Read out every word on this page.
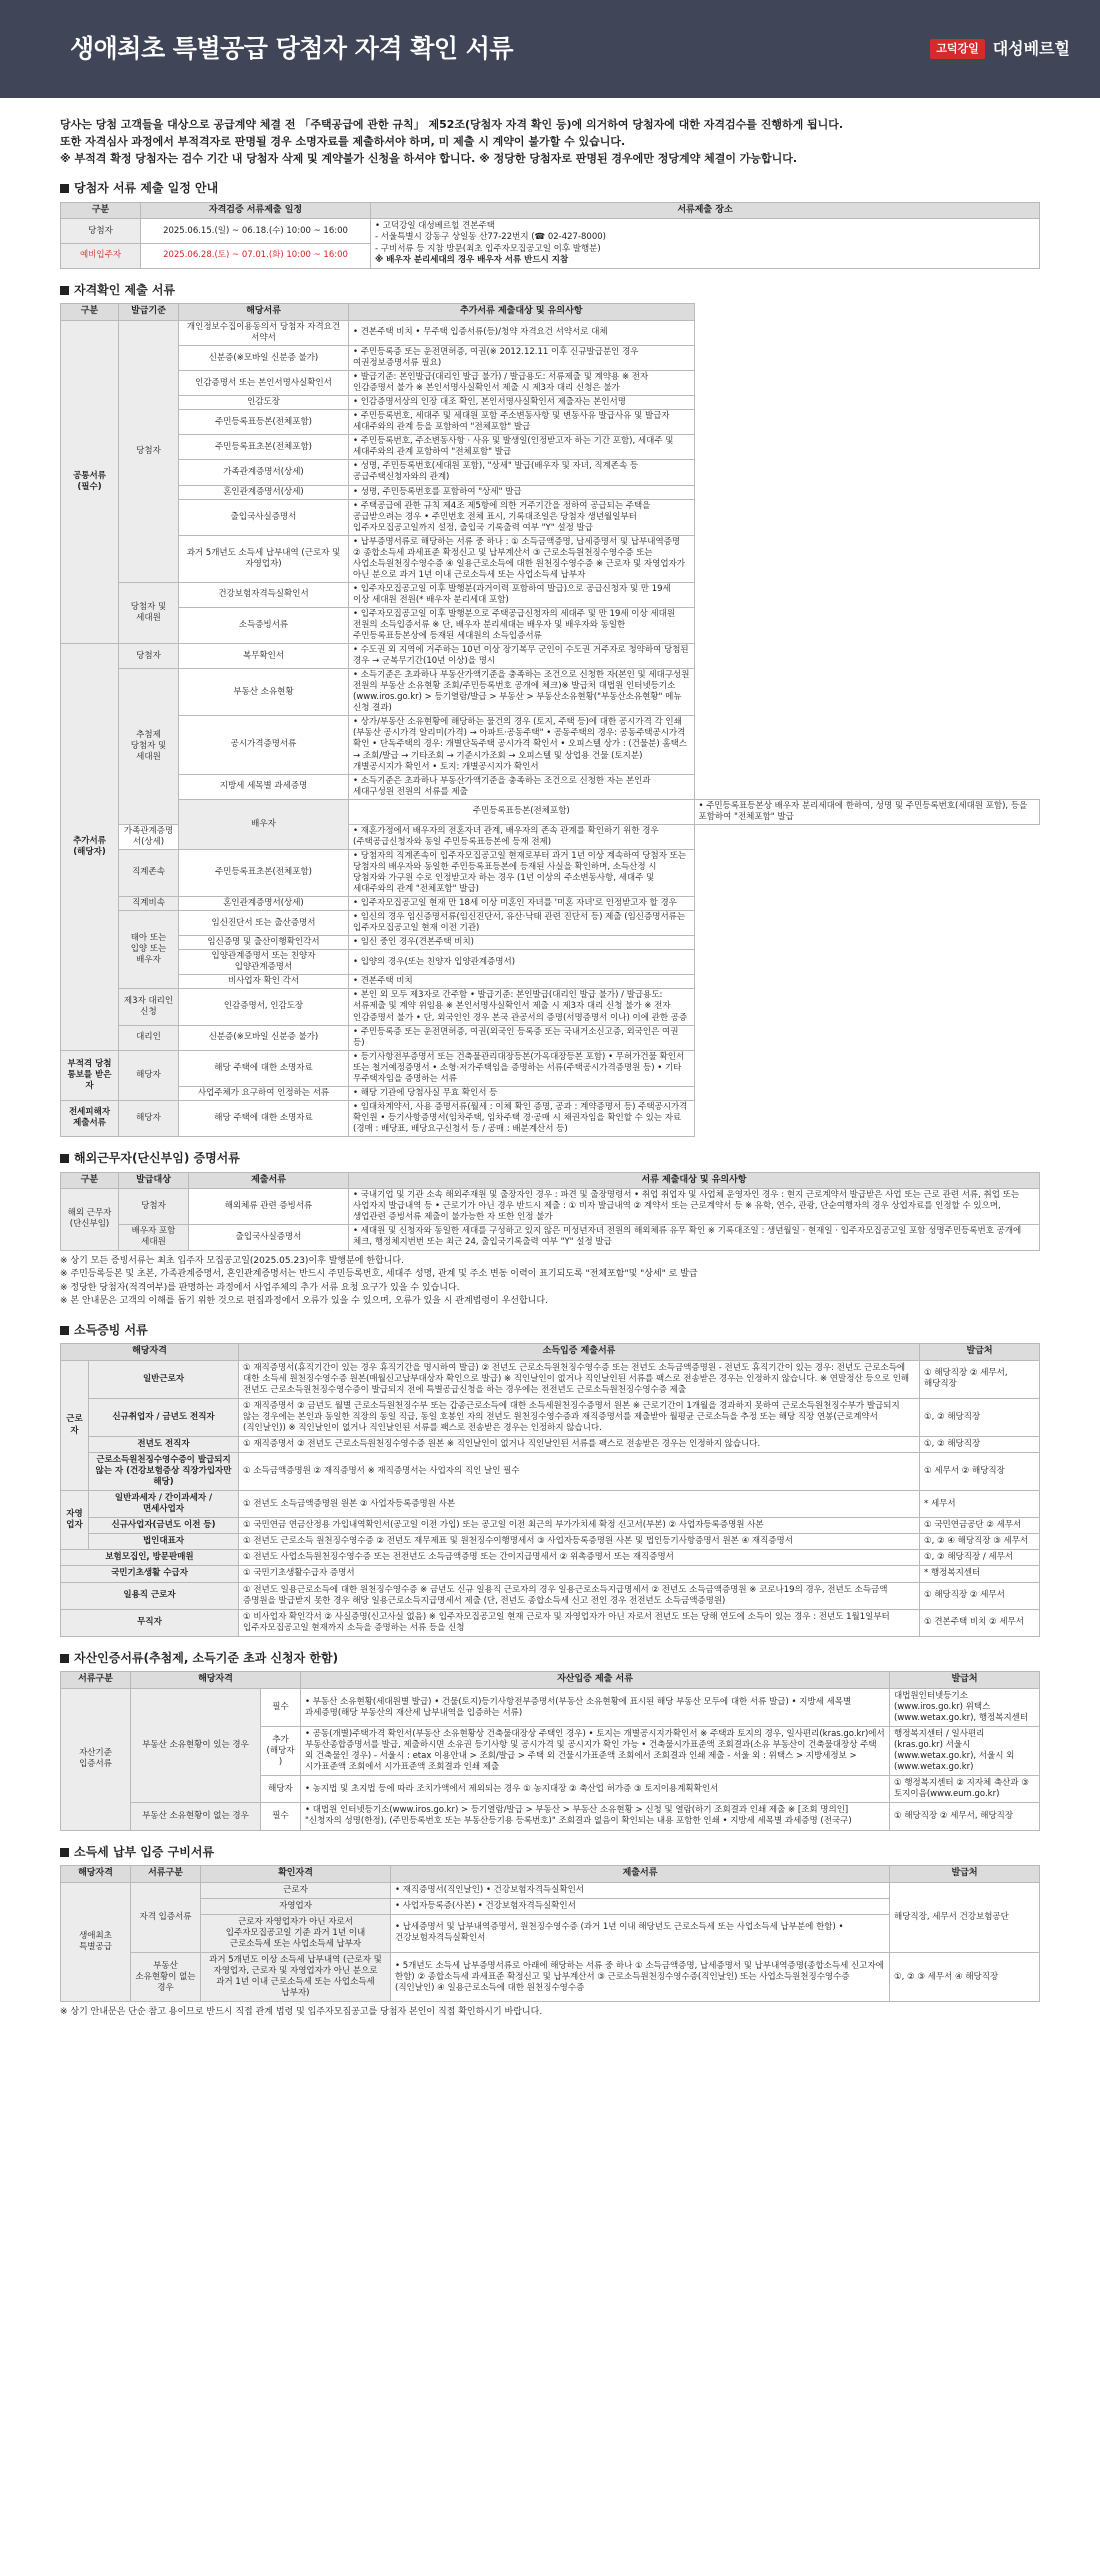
생애최초 특별공급 당첨자 자격 확인 서류	고덕강일 대성베르힐

당사는 당첨 고객들을 대상으로 공급계약 체결 전 「주택공급에 관한 규칙」 제52조(당첨자 자격 확인 등)에 의거하여 당첨자에 대한 자격검수를 진행하게 됩니다.

또한 자격심사 과정에서 부적격자로 판명될 경우 소명자료를 제출하셔야 하며, 미 제출 시 계약이 불가할 수 있습니다.

※ 부적격 확정 당첨자는 검수 기간 내 당첨자 삭제 및 계약불가 신청을 하셔야 합니다. ※ 정당한 당첨자로 판명된 경우에만 정당계약 체결이 가능합니다.

당첨자 서류 제출 일정 안내
구분	자격검증 서류제출 일정	서류제출 장소
당첨자	2025.06.15.(일) ~ 06.18.(수) 10:00 ~ 16:00	• 고덕강일 대성베르힐 견본주택
- 서울특별시 강동구 상일동 산77-22번지 (☎ 02-427-8000)
- 구비서류 등 지참 방문(최초 입주자모집공고일 이후 발행분)
※ 배우자 분리세대의 경우 배우자 서류 반드시 지참

예비입주자	2025.06.28.(토) ~ 07.01.(화) 10:00 ~ 16:00	
자격확인 제출 서류
구분	발급기준	해당서류	추가서류 제출대상 및 유의사항	
공통서류 (필수)	당첨자	개인정보수집이용동의서 당첨자 자격요건 서약서	• 견본주택 비치 • 무주택 입증서류(등)/청약 자격요건 서약서로 대체	
		신분증(※모바일 신분증 불가)	• 주민등록증 또는 운전면허증, 여권(※ 2012.12.11 이후 신규발급분인 경우 여권정보증명서류 필요)	
		인감증명서 또는 본인서명사실확인서	• 발급기준: 본인발급(대리인 발급 불가) / 발급용도: 서류제출 및 계약용 ※ 전자 인감증명서 불가 ※ 본인서명사실확인서 제출 시 제3자 대리 신청은 불가	
		인감도장	• 인감증명서상의 인장 대조 확인, 본인서명사실확인서 제출자는 본인서명	
		주민등록표등본(전체포함)	• 주민등록번호, 세대주 및 세대원 포함 주소변동사항 및 변동사유 발급사유 및 발급자 세대주와의 관계 등을 포함하여 "전체포함" 발급	
		주민등록표초본(전체포함)	• 주민등록번호, 주소변동사항 · 사유 및 발생일(인정받고자 하는 기간 포함), 세대주 및 세대주와의 관계 포함하여 "전체포함" 발급	
		가족관계증명서(상세)	• 성명, 주민등록번호(세대원 포함), "상세" 발급(배우자 및 자녀, 직계존속 등 공급주택신청자와의 관계)	
		혼인관계증명서(상세)	• 성명, 주민등록번호를 포함하여 "상세" 발급	
		출입국사실증명서	• 주택공급에 관한 규칙 제4조 제5항에 의한 거주기간을 정하여 공급되는 주택을 공급받으려는 경우 • 주민번호 전체 표시, 기록대조일은 당첨자 생년월일부터 입주자모집공고일까지 설정, 출입국 기록출력 여부 "Y" 설정 발급	
		과거 5개년도 소득세 납부내역 (근로자 및 자영업자)	• 납부증명서류로 해당하는 서류 중 하나 : ① 소득금액증명, 납세증명서 및 납부내역증명 ② 종합소득세 과세표준 확정신고 및 납부계산서 ③ 근로소득원천징수영수증 또는 사업소득원천징수영수증 ④ 일용근로소득에 대한 원천징수영수증 ※ 근로자 및 자영업자가 아닌 분으로 과거 1년 이내 근로소득세 또는 사업소득세 납부자	
	당첨자 및 세대원	건강보험자격득실확인서	• 입주자모집공고일 이후 발행분(과거이력 포함하여 발급)으로 공급신청자 및 만 19세 이상 세대원 전원(* 배우자 분리세대 포함)	
		소득증빙서류	• 입주자모집공고일 이후 발행분으로 주택공급신청자의 세대주 및 만 19세 이상 세대원 전원의 소득입증서류 ※ 단, 배우자 분리세대는 배우자 및 배우자와 동일한 주민등록표등본상에 등재된 세대원의 소득입증서류	
추가서류 (해당자)	당첨자	복무확인서	• 수도권 외 지역에 거주하는 10년 이상 장기복무 군인이 수도권 거주자로 청약하여 당첨된 경우 → 군복무기간(10년 이상)을 명시	
	추첨제 당첨자 및 세대원	부동산 소유현황	• 소득기준은 초과하나 부동산가액기준을 충족하는 조건으로 신청한 자(본인 및 세대구성원 전원의 부동산 소유현황 조회/주민등록번호 공개에 체크)※ 발급처 대법원 인터넷등기소(www.iros.go.kr) > 등기열람/발급 > 부동산 > 부동산소유현황("부동산소유현황" 메뉴 신청 결과)	
		공시가격증명서류	• 상가/부동산 소유현황에 해당하는 물건의 경우 (토지, 주택 등)에 대한 공시가격 각 인쇄 (부동산 공시가격 알리미(가격) → 아파트·공동주택" • 공동주택의 경우: 공동주택공시가격 확인 • 단독주택의 경우: 개별단독주택 공시가격 확인서 • 오피스텔 상가 : (건물분) 홈택스 → 조회/발급 → 기타조회 → 기준시가조회 → 오피스텔 및 상업용 건물 (토지분) 개별공시지가 확인서 • 토지: 개별공시지가 확인서	
		지방세 세목별 과세증명	• 소득기준은 초과하나 부동산가액기준을 충족하는 조건으로 신청한 자는 본인과 세대구성원 전원의 서류를 제출	
		배우자	주민등록표등본(전체포함)	• 주민등록표등본상 배우자 분리세대에 한하여, 성명 및 주민등록번호(세대원 포함), 등을 포함하여 "전체포함" 발급
	가족관계증명서(상세)		• 재혼가정에서 배우자의 전혼자녀 관계, 배우자의 존속 관계를 확인하기 위한 경우(주택공급신청자와 동일 주민등록표등본에 등재 전제)	
	직계존속	주민등록표초본(전체포함)	• 당첨자의 직계존속이 입주자모집공고일 현재로부터 과거 1년 이상 계속하여 당첨자 또는 당첨자의 배우자와 동일한 주민등록표등본에 등재된 사실을 확인하며, 소득산정 시 당첨자와 가구원 수로 인정받고자 하는 경우 (1년 이상의 주소변동사항, 세대주 및 세대주와의 관계 "전체포함" 발급)	
	직계비속	혼인관계증명서(상세)	• 입주자모집공고일 현재 만 18세 이상 미혼인 자녀를 '미혼 자녀'로 인정받고자 할 경우	
	태아 또는 입양 또는 배우자	임신진단서 또는 출산증명서	• 임신의 경우 임신증명서류(임신진단서, 유산·낙태 관련 진단서 등) 제출 (임신증명서류는 입주자모집공고일 현재 이전 기관)	
		임신증명 및 출산이행확인각서	• 임신 중인 경우(견본주택 비치)	
		입양관계증명서 또는 친양자 입양관계증명서	• 입양의 경우(또는 친양자 입양관계증명서)	
		비사업자 확인 각서	• 견본주택 비치	
	제3자 대리인 신청	인감증명서, 인감도장	• 본인 외 모두 제3자로 간주함 • 발급기준: 본인발급(대리인 발급 불가) / 발급용도: 서류제출 및 계약 위임용 ※ 본인서명사실확인서 제출 시 제3자 대리 신청 불가 ※ 전자 인감증명서 불가 • 단, 외국인인 경우 본국 관공서의 증명(서명증명서 이나) 이에 관한 공증	
	대리인	신분증(※모바일 신분증 불가)	• 주민등록증 또는 운전면허증, 여권(외국인 등록증 또는 국내거소신고증, 외국인은 여권 등)	
부적격 당첨 통보를 받은 자	해당자	해당 주택에 대한 소명자료	• 등기사항전부증명서 또는 건축물관리대장등본(가옥대장등본 포함) • 무허가건물 확인서 또는 철거예정증명서 • 소형·저가주택임을 증명하는 서류(주택공시가격증명원 등) • 기타 무주택자임을 증명하는 서류	
		사업주체가 요구하여 인정하는 서류	• 해당 기관에 당첨사실 무효 확인서 등	
전세피해자 제출서류	해당자	해당 주택에 대한 소명자료	• 임대차계약서, 사용 증명서류(월세 : 이체 확인 증명, 공과 : 계약증명서 등) 주택공시가격 확인원 • 등기사항증명서(임차주택, 임차주택 경·공매 시 채권자임을 확인할 수 있는 자료 (경매 : 배당표, 배당요구신청서 등 / 공매 : 배분계산서 등)	
해외근무자(단신부임) 증명서류
구분	발급대상	제출서류	서류 제출대상 및 유의사항
해외 근무자 (단신부임)	당첨자	해외체류 관련 증빙서류	• 국내기업 및 기관 소속 해외주재원 및 출장자인 경우 : 파견 및 출장명령서 • 취업 취업자 및 사업체 운영자인 경우 : 현지 근로계약서 발급받은 사업 또는 근로 관련 서류, 취업 또는 사업자지 발급내역 등 • 근로기가 아닌 경우 반드시 제출 : ① 비자 발급내역 ② 계약서 또는 근로계약서 등 ※ 유학, 연수, 관광, 단순여행자의 경우 상업자료를 인정할 수 있으며, 생업관련 증빙서류 제출이 불가능한 자 또한 인정 불가
	배우자 포함 세대원	출입국사실증명서	• 세대원 및 신청자와 동일한 세대를 구성하고 있지 않은 미성년자녀 전원의 해외체류 유무 확인 ※ 기록대조일 : 생년월일 · 현재일 · 입주자모집공고일 포함 성명주민등록번호 공개에 체크, 행정체지번번 또는 최근 24, 출입국기록출력 여부 "Y" 설정 발급

※ 상기 모든 증빙서류는 최초 입주자 모집공고일(2025.05.23)이후 발행분에 한합니다.

※ 주민등록등본 및 초본, 가족관계증명서, 혼인관계증명서는 반드시 주민등록번호, 세대주 성명, 관계 및 주소 변동 이력이 표기되도록 "전체포함"및 "상세" 로 발급

※ 정당한 당첨자(적격여부)를 판명하는 과정에서 사업주체의 추가 서류 요청 요구가 있을 수 있습니다.

※ 본 안내문은 고객의 이해를 돕기 위한 것으로 편집과정에서 오류가 있을 수 있으며, 오류가 있을 시 관계법령이 우선합니다.

소득증빙 서류
해당자격		소득입증 제출서류	발급처
근로자	일반근로자	① 재직증명서(휴직기간이 있는 경우 휴직기간을 명시하여 발급) ② 전년도 근로소득원천징수영수증 또는 전년도 소득금액증명원 - 전년도 휴직기간이 있는 경우: 전년도 근로소득에 대한 소득세 원천징수영수증 원본(매월신고납부대상자 확인으로 발급) ※ 직인날인이 없거나 직인날인된 서류를 팩스로 전송받은 경우는 인정하지 않습니다. ※ 연말정산 등으로 인해 전년도 근로소득원천징수영수증이 발급되지 전에 특별공급신청을 하는 경우에는 전전년도 근로소득원천징수영수증 제출	① 해당직장 ② 세무서, 해당직장
	신규취업자 / 금년도 전직자	① 재직증명서 ② 금년도 월별 근로소득원천징수부 또는 갑종근로소득에 대한 소득세원천징수증명서 원본 ※ 근로기간이 1개월을 경과하지 못하여 근로소득원천징수부가 발급되지 않는 경우에는 본인과 동일한 직장의 동일 직급, 동일 호봉인 자의 전년도 원천징수영수증과 재직증명서를 제출받아 월평균 근로소득을 추정 또는 해당 직장 연봉(근로계약서(직인날인)) ※ 직인날인이 없거나 직인날인된 서류를 팩스로 전송받은 경우는 인정하지 않습니다.	①, ② 해당직장
	전년도 전직자	① 재직증명서 ② 전년도 근로소득원천징수영수증 원본 ※ 직인날인이 없거나 직인날인된 서류를 팩스로 전송받은 경우는 인정하지 않습니다.	①, ② 해당직장
	근로소득원천징수영수증이 발급되지 않는 자 (건강보험증상 직장가입자만 해당)	① 소득금액증명원 ② 재직증명서 ※ 재직증명서는 사업자의 직인 날인 필수	① 세무서 ② 해당직장
자영업자	일반과세자 / 간이과세자 / 면세사업자	① 전년도 소득금액증명원 원본 ② 사업자등록증명원 사본	* 세무서
	신규사업자(금년도 이전 등)	① 국민연금 연금산정용 가입내역확인서(공고일 이전 가입) 또는 공고일 이전 최근의 부가가치세 확정 신고서(부본) ② 사업자등록증명원 사본	① 국민연금공단 ② 세무서
	법인대표자	① 전년도 근로소득 원천징수영수증 ② 전년도 재무제표 및 원천징수이행명세서 ③ 사업자등록증명원 사본 및 법인등기사항증명서 원본 ④ 재직증명서	①, ② ④ 해당직장 ③ 세무서
보험모집인, 방문판매원		① 전년도 사업소득원천징수영수증 또는 전전년도 소득금액증명 또는 간이지급명세서 ② 위촉증명서 또는 재직증명서	①, ② 해당직장 / 세무서
국민기초생활 수급자		① 국민기초생활수급자 증명서	* 행정복지센터
일용직 근로자		① 전년도 일용근로소득에 대한 원천징수영수증 ※ 금년도 신규 일용직 근로자의 경우 일용근로소득지급명세서 ② 전년도 소득금액증명원 ※ 코로나19의 경우, 전년도 소득금액 증명원을 발급받지 못한 경우 해당 일용근로소득지급명세서 제출 (단, 전년도 종합소득세 신고 전인 경우 전전년도 소득금액증명원)	① 해당직장 ② 세무서
무직자		① 비사업자 확인각서 ② 사실증명(신고사실 없음) ※ 입주자모집공고일 현재 근로자 및 자영업자가 아닌 자로서 전년도 또는 당해 연도에 소득이 있는 경우 : 전년도 1월1일부터 입주자모집공고일 현재까지 소득을 증명하는 서류 등을 신청	① 견본주택 비치 ② 세무서
자산인증서류(추첨제, 소득기준 초과 신청자 한함)
서류구분	해당자격		자산입증 제출 서류	발급처
자산기준 입증서류	부동산 소유현황이 있는 경우	필수	• 부동산 소유현황(세대원별 발급) • 건물(토지)등기사항전부증명서(부동산 소유현황에 표시된 해당 부동산 모두에 대한 서류 발급) • 지방세 세목별 과세증명(해당 부동산의 재산세 납부내역을 입증하는 서류)	대법원인터넷등기소 (www.iros.go.kr) 위택스(www.wetax.go.kr), 행정복지센터
		추가 (해당자)	• 공동(개별)주택가격 확인서(부동산 소유현황상 건축물대장상 주택인 경우) • 토지는 개별공시지가확인서 ※ 주택과 토지의 경우, 일사편리(kras.go.kr)에서 부동산종합증명서를 발급, 제출하시면 소유권 등기사항 및 공시가격 및 공시지가 확인 가능 • 건축물시가표준액 조회결과(소유 부동산이 건축물대장상 주택 외 건축물인 경우) - 서울시 : etax 이용안내 > 조회/발급 > 주택 외 건물시가표준액 조회에서 조회결과 인쇄 제출 - 서울 외 : 위택스 > 지방세정보 > 시가표준액 조회에서 시가표준액 조회결과 인쇄 제출	행정복지센터 / 일사편리 (kras.go.kr) 서울시(www.wetax.go.kr), 서울시 외(www.wetax.go.kr)
		해당자	• 농지법 및 초지법 등에 따라 조치가액에서 제외되는 경우 ① 농지대장 ② 축산업 허가증 ③ 토지이용계획확인서	① 행정복지센터 ② 지자체 축산과 ③ 토지이음(www.eum.go.kr)
	부동산 소유현황이 없는 경우	필수	• 대법원 인터넷등기소(www.iros.go.kr) > 등기열람/발급 > 부동산 > 부동산 소유현황 > 신청 및 열람(하기 조회결과 인쇄 제출 ※ [조회 명의인] "신청자의 성명(한정), (주민등록번호 또는 부동산등기용 등록번호)" 조회결과 없음이 확인되는 내용 포함한 인쇄 • 지방세 세목별 과세증명 (전국구)	① 해당직장 ② 세무서, 해당직장
소득세 납부 입증 구비서류
해당자격	서류구분	확인자격	제출서류	발급처
생애최초 특별공급	자격 입증서류	근로자	• 재직증명서(직인날인) • 건강보험자격득실확인서	해당직장, 세무서 건강보험공단
		자영업자	• 사업자등록증(사본) • 건강보험자격득실확인서	
		근로자 자영업자가 아닌 자로서 입주자모집공고일 기준 과거 1년 이내 근로소득세 또는 사업소득세 납부자	• 납세증명서 및 납부내역증명서, 원천징수영수증 (과거 1년 이내 해당년도 근로소득세 또는 사업소득세 납부분에 한함) • 건강보험자격득실확인서	
	부동산 소유현황이 없는 경우	과거 5개년도 이상 소득세 납부내역 (근로자 및 자영업자, 근로자 및 자영업자가 아닌 분으로 과거 1년 이내 근로소득세 또는 사업소득세 납부자)	• 5개년도 소득세 납부증명서류로 아래에 해당하는 서류 중 하나 ① 소득금액증명, 납세증명서 및 납부내역증명(종합소득세 신고자에 한함) ② 종합소득세 과세표준 확정신고 및 납부계산서 ③ 근로소득원천징수영수증(직인날인) 또는 사업소득원천징수영수증(직인날인) ④ 일용근로소득에 대한 원천징수영수증	①, ② ③ 세무서 ④ 해당직장
※ 상기 안내문은 단순 참고 용이므로 반드시 직접 관계 법령 및 입주자모집공고를 당첨자 본인이 직접 확인하시기 바랍니다.
